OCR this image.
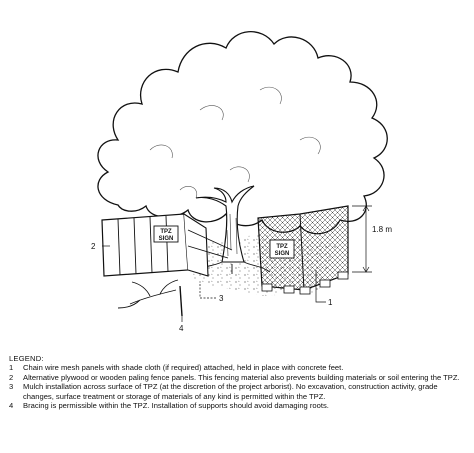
TPZ
SIGN
TPZ
SIGN
1.8 m
2
1
3
4
LEGEND:
1	Chain wire mesh panels with shade cloth (if required) attached, held in place with concrete feet.
2	Alternative plywood or wooden paling fence panels. This fencing material also prevents building materials or soil entering the TPZ.
3	Mulch installation across surface of TPZ (at the discretion of the project arborist). No excavation, construction activity, grade changes, surface treatment or storage of materials of any kind is permitted within the TPZ.
4	Bracing is permissible within the TPZ. Installation of supports should avoid damaging roots.
